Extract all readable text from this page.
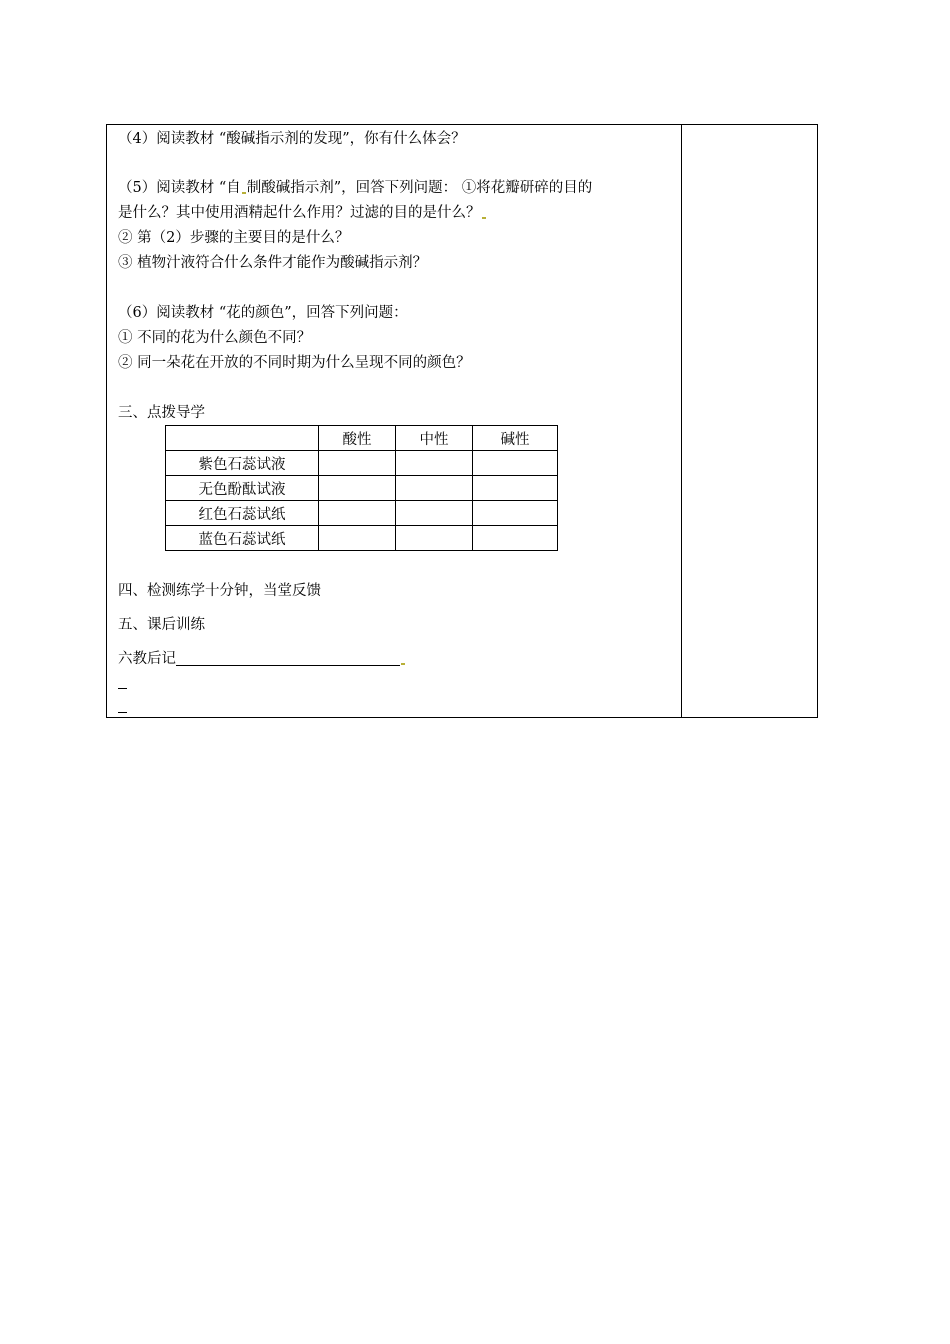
（4）阅读教材 “酸碱指示剂的发现”，你有什么体会？
（5）阅读教材 “自 制酸碱指示剂”，回答下列问题： ①将花瓣研碎的目的
是什么？其中使用酒精起什么作用？过滤的目的是什么？
② 第（2）步骤的主要目的是什么？
③ 植物汁液符合什么条件才能作为酸碱指示剂？
（6）阅读教材 “花的颜色”，回答下列问题：
① 不同的花为什么颜色不同？
② 同一朵花在开放的不同时期为什么呈现不同的颜色？
三、点拨导学
	酸性	中性	碱性
紫色石蕊试液			
无色酚酞试液			
红色石蕊试纸			
蓝色石蕊试纸			
四、检测练学十分钟，当堂反馈
五、课后训练
六教后记
